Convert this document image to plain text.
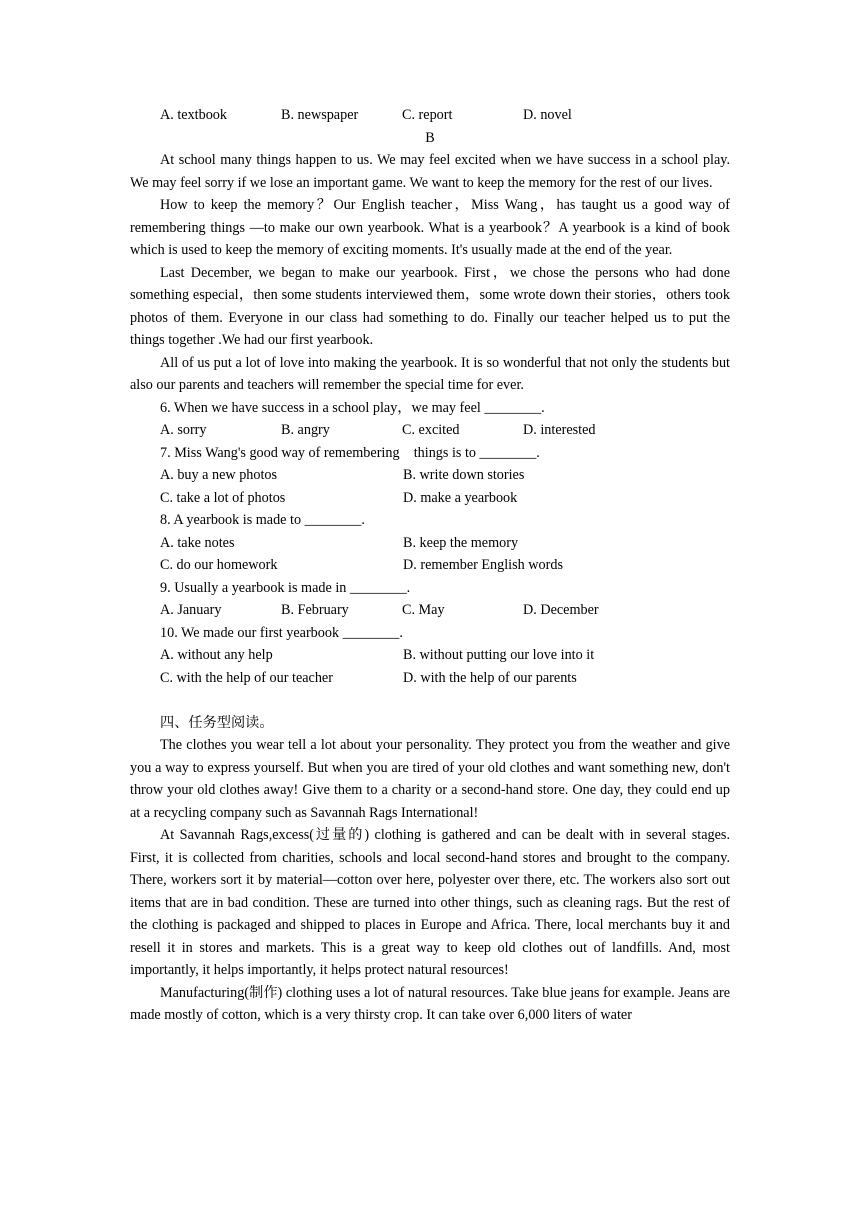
A. textbook	B. newspaper	C. report	D. novel

B

At school many things happen to us. We may feel excited when we have success in a school play. We may feel sorry if we lose an important game. We want to keep the memory for the rest of our lives.

How to keep the memory？Our English teacher，Miss Wang，has taught us a good way of remembering things —to make our own yearbook. What is a yearbook？A yearbook is a kind of book which is used to keep the memory of exciting moments. It's usually made at the end of the year.

Last December, we began to make our yearbook. First，we chose the persons who had done something especial，then some students interviewed them，some wrote down their stories，others took photos of them. Everyone in our class had something to do. Finally our teacher helped us to put the things together .We had our first yearbook.

All of us put a lot of love into making the yearbook. It is so wonderful that not only the students but also our parents and teachers will remember the special time for ever.

6. When we have success in a school play，we may feel ________.

A. sorry	B. angry	C. excited	D. interested

7. Miss Wang's good way of remembering    things is to ________.

A. buy a new photos	B. write down stories
C. take a lot of photos	D. make a yearbook

8. A yearbook is made to ________.

A. take notes	B. keep the memory
C. do our homework	D. remember English words

9. Usually a yearbook is made in ________.

A. January	B. February	C. May	D. December

10. We made our first yearbook ________.

A. without any help	B. without putting our love into it
C. with the help of our teacher	D. with the help of our parents

四、任务型阅读。

The clothes you wear tell a lot about your personality. They protect you from the weather and give you a way to express yourself. But when you are tired of your old clothes and want something new, don't throw your old clothes away! Give them to a charity or a second-hand store. One day, they could end up at a recycling company such as Savannah Rags International!

At Savannah Rags,excess(过量的) clothing is gathered and can be dealt with in several stages. First, it is collected from charities, schools and local second-hand stores and brought to the company. There, workers sort it by material—cotton over here, polyester over there, etc. The workers also sort out items that are in bad condition. These are turned into other things, such as cleaning rags. But the rest of the clothing is packaged and shipped to places in Europe and Africa. There, local merchants buy it and resell it in stores and markets. This is a great way to keep old clothes out of landfills. And, most importantly, it helps importantly, it helps protect natural resources!

Manufacturing(制作) clothing uses a lot of natural resources. Take blue jeans for example. Jeans are made mostly of cotton, which is a very thirsty crop. It can take over 6,000 liters of water
